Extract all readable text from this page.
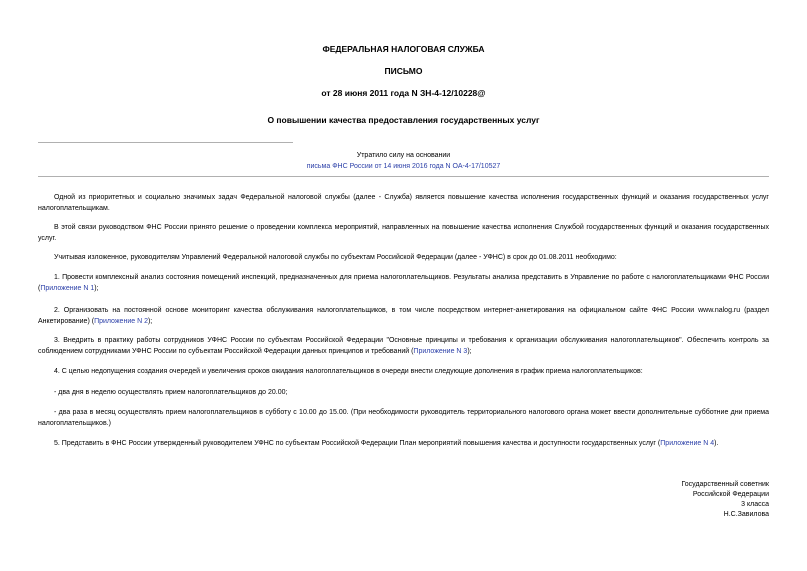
ФЕДЕРАЛЬНАЯ НАЛОГОВАЯ СЛУЖБА
ПИСЬМО
от 28 июня 2011 года N ЗН-4-12/10228@
О повышении качества предоставления государственных услуг
Утратило силу на основании
письма ФНС России от 14 июня 2016 года N ОА-4-17/10527
Одной из приоритетных и социально значимых задач Федеральной налоговой службы (далее - Служба) является повышение качества исполнения государственных функций и оказания государственных услуг налогоплательщикам.
В этой связи руководством ФНС России принято решение о проведении комплекса мероприятий, направленных на повышение качества исполнения Службой государственных функций и оказания государственных услуг.
Учитывая изложенное, руководителям Управлений Федеральной налоговой службы по субъектам Российской Федерации (далее - УФНС) в срок до 01.08.2011 необходимо:
1. Провести комплексный анализ состояния помещений инспекций, предназначенных для приема налогоплательщиков. Результаты анализа представить в Управление по работе с налогоплательщиками ФНС России (Приложение N 1);
2. Организовать на постоянной основе мониторинг качества обслуживания налогоплательщиков, в том числе посредством интернет-анкетирования на официальном сайте ФНС России www.nalog.ru (раздел Анкетирование) (Приложение N 2);
3. Внедрить в практику работы сотрудников УФНС России по субъектам Российской Федерации "Основные принципы и требования к организации обслуживания налогоплательщиков". Обеспечить контроль за соблюдением сотрудниками УФНС России по субъектам Российской Федерации данных принципов и требований (Приложение N 3);
4. С целью недопущения создания очередей и увеличения сроков ожидания налогоплательщиков в очереди внести следующие дополнения в график приема налогоплательщиков:
- два дня в неделю осуществлять прием налогоплательщиков до 20.00;
- два раза в месяц осуществлять прием налогоплательщиков в субботу с 10.00 до 15.00. (При необходимости руководитель территориального налогового органа может ввести дополнительные субботние дни приема налогоплательщиков.)
5. Представить в ФНС России утвержденный руководителем УФНС по субъектам Российской Федерации План мероприятий повышения качества и доступности государственных услуг (Приложение N 4).
Государственный советник
Российской Федерации
3 класса
Н.С.Завилова
